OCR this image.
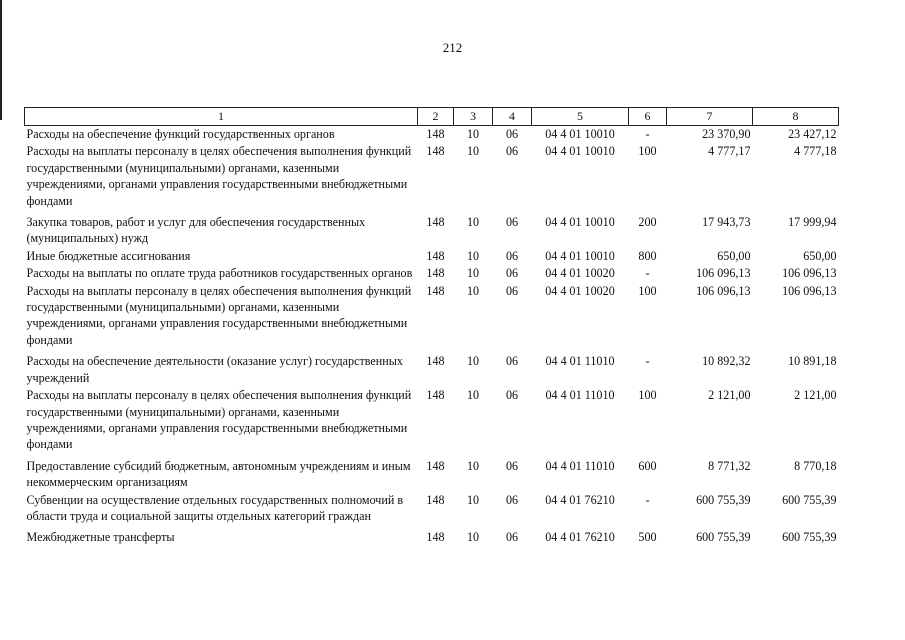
212
1	2	3	4	5	6	7	8
Расходы на обеспечение функций государственных органов	148	10	06	04 4 01 10010	-	23 370,90	23 427,12
Расходы на выплаты персоналу в целях обеспечения выполнения функций государственными (муниципальными) органами, казенными учреждениями, органами управления государственными внебюджетными фондами	148	10	06	04 4 01 10010	100	4 777,17	4 777,18

Закупка товаров, работ и услуг для обеспечения государственных (муниципальных) нужд	148	10	06	04 4 01 10010	200	17 943,73	17 999,94
Иные бюджетные ассигнования	148	10	06	04 4 01 10010	800	650,00	650,00
Расходы на выплаты по оплате труда работников государственных органов	148	10	06	04 4 01 10020	-	106 096,13	106 096,13
Расходы на выплаты персоналу в целях обеспечения выполнения функций государственными (муниципальными) органами, казенными учреждениями, органами управления государственными внебюджетными фондами	148	10	06	04 4 01 10020	100	106 096,13	106 096,13

Расходы на обеспечение деятельности (оказание услуг) государственных учреждений	148	10	06	04 4 01 11010	-	10 892,32	10 891,18
Расходы на выплаты персоналу в целях обеспечения выполнения функций государственными (муниципальными) органами, казенными учреждениями, органами управления государственными внебюджетными фондами	148	10	06	04 4 01 11010	100	2 121,00	2 121,00

Предоставление субсидий бюджетным, автономным учреждениям и иным некоммерческим организациям	148	10	06	04 4 01 11010	600	8 771,32	8 770,18
Субвенции на осуществление отдельных государственных полномочий в области труда и социальной защиты отдельных категорий граждан	148	10	06	04 4 01 76210	-	600 755,39	600 755,39

Межбюджетные трансферты	148	10	06	04 4 01 76210	500	600 755,39	600 755,39
